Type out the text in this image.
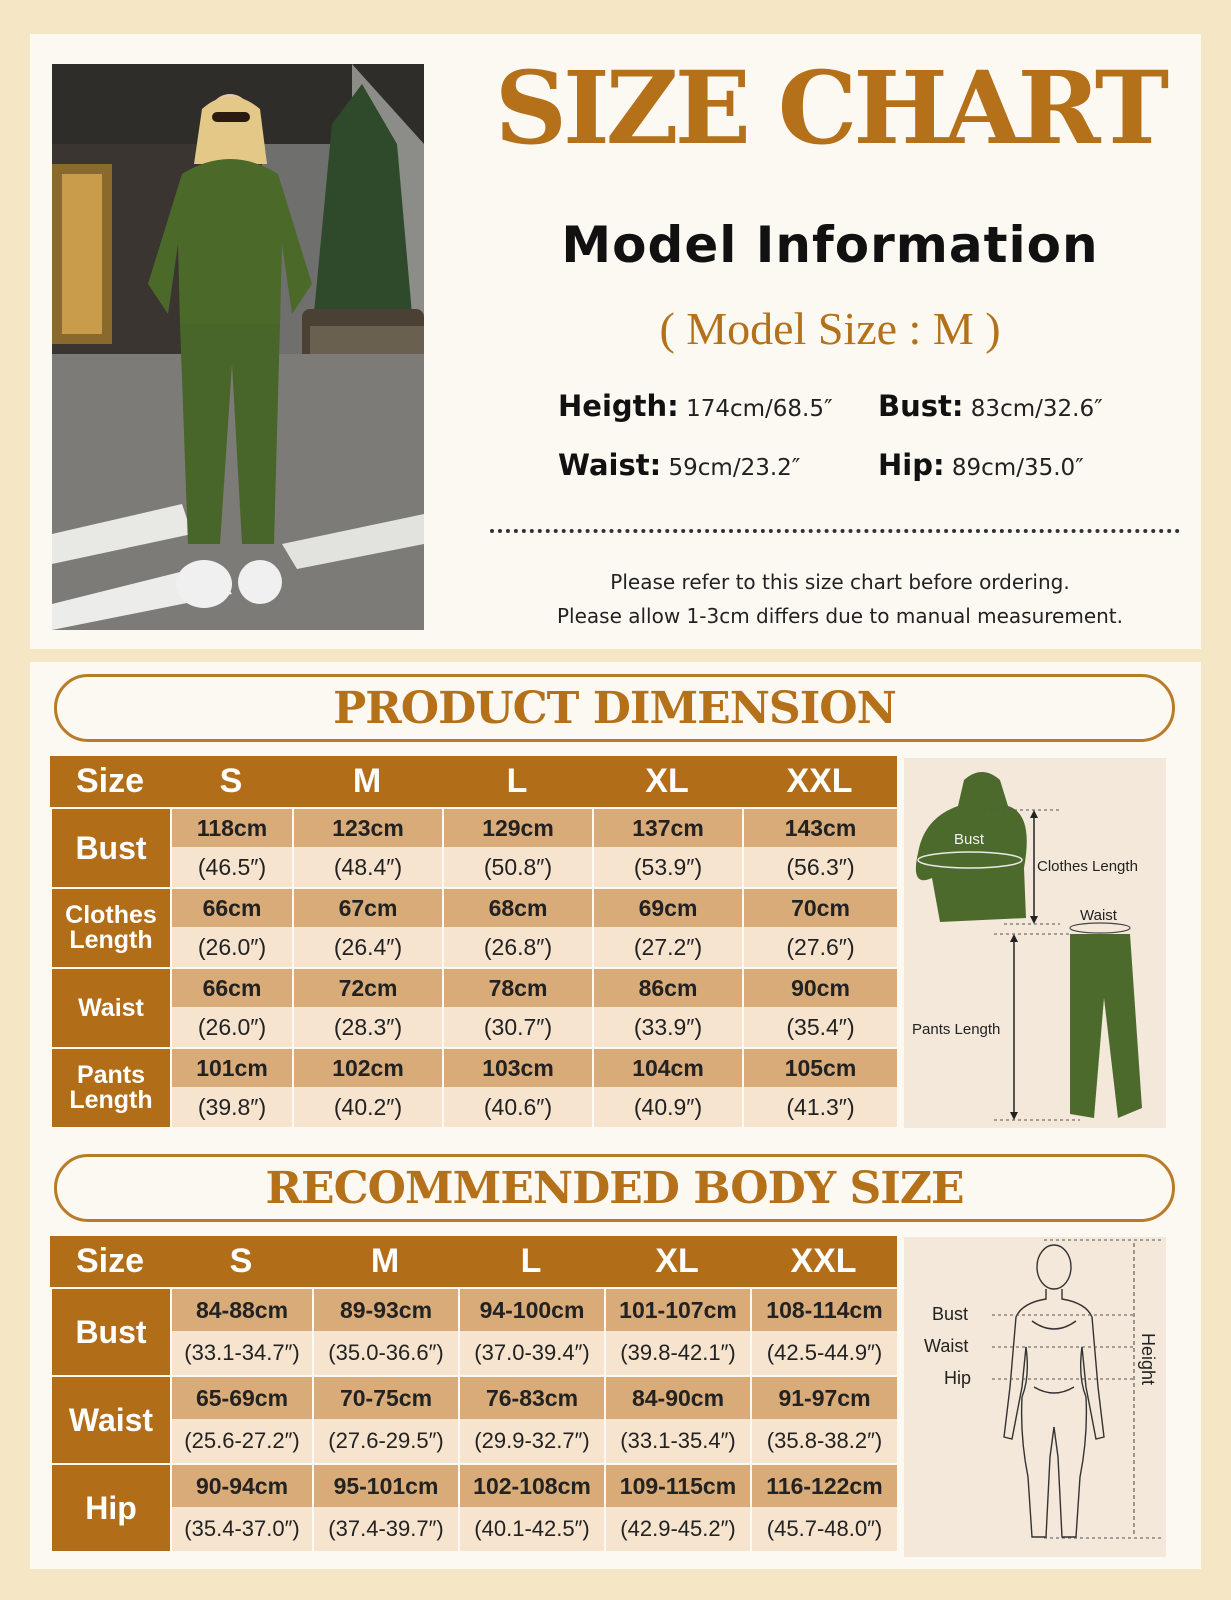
SIZE CHART
Model Information
( Model Size : M )
Heigth: 174cm/68.5″ Bust: 83cm/32.6″
Waist: 59cm/23.2″	Hip: 89cm/35.0″
Please refer to this size chart before ordering.
Please allow 1-3cm differs due to manual measurement.
PRODUCT DIMENSION
Size	S	M	L	XL	XXL
Bust	118cm	123cm	129cm	137cm	143cm
	(46.5″)	(48.4″)	(50.8″)	(53.9″)	(56.3″)
Clothes Length	66cm	67cm	68cm	69cm	70cm
	(26.0″)	(26.4″)	(26.8″)	(27.2″)	(27.6″)
Waist	66cm	72cm	78cm	86cm	90cm
	(26.0″)	(28.3″)	(30.7″)	(33.9″)	(35.4″)
Pants Length	101cm	102cm	103cm	104cm	105cm
	(39.8″)	(40.2″)	(40.6″)	(40.9″)	(41.3″)
Bust
Clothes Length
Waist
Pants Length
RECOMMENDED BODY SIZE
Size	S	M	L	XL	XXL
Bust	84-88cm	89-93cm	94-100cm	101-107cm	108-114cm
	(33.1-34.7″)	(35.0-36.6″)	(37.0-39.4″)	(39.8-42.1″)	(42.5-44.9″)
Waist	65-69cm	70-75cm	76-83cm	84-90cm	91-97cm
	(25.6-27.2″)	(27.6-29.5″)	(29.9-32.7″)	(33.1-35.4″)	(35.8-38.2″)
Hip	90-94cm	95-101cm	102-108cm	109-115cm	116-122cm
	(35.4-37.0″)	(37.4-39.7″)	(40.1-42.5″)	(42.9-45.2″)	(45.7-48.0″)
Bust
Waist
Hip	Height
